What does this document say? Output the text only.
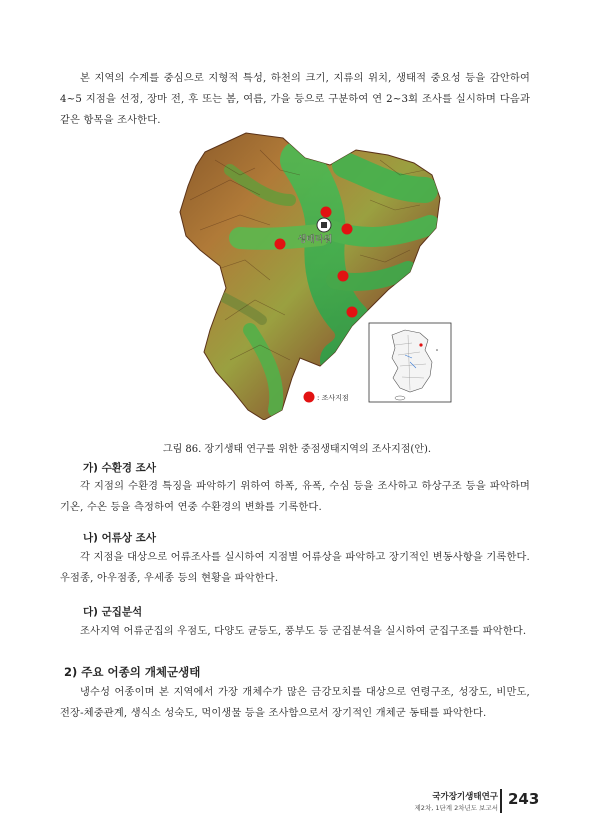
본 지역의 수계를 중심으로 지형적 특성, 하천의 크기, 지류의 위치, 생태적 중요성 등을 감안하여 4~5 지점을 선정, 장마 전, 후 또는 봄, 여름, 가을 등으로 구분하여 연 2~3회 조사를 실시하며 다음과 같은 항목을 조사한다.
생태타워
: 조사지점
그림 86. 장기생태 연구를 위한 중점생태지역의 조사지점(안).
가) 수환경 조사
각 지점의 수환경 특징을 파악하기 위하여 하폭, 유폭, 수심 등을 조사하고 하상구조 등을 파악하며 기온, 수온 등을 측정하여 연중 수환경의 변화를 기록한다.
나) 어류상 조사
각 지점을 대상으로 어류조사를 실시하여 지점별 어류상을 파악하고 장기적인 변동사항을 기록한다. 우점종, 아우점종, 우세종 등의 현황을 파악한다.
다) 군집분석
조사지역 어류군집의 우점도, 다양도 균등도, 풍부도 등 군집분석을 실시하여 군집구조를 파악한다.
2) 주요 어종의 개체군생태
냉수성 어종이며 본 지역에서 가장 개체수가 많은 금강모치를 대상으로 연령구조, 성장도, 비만도, 전장-체중관계, 생식소 성숙도, 먹이생물 등을 조사함으로서 장기적인 개체군 동태를 파악한다.
국가장기생태연구
제2차, 1단계 2차년도 보고서 243
